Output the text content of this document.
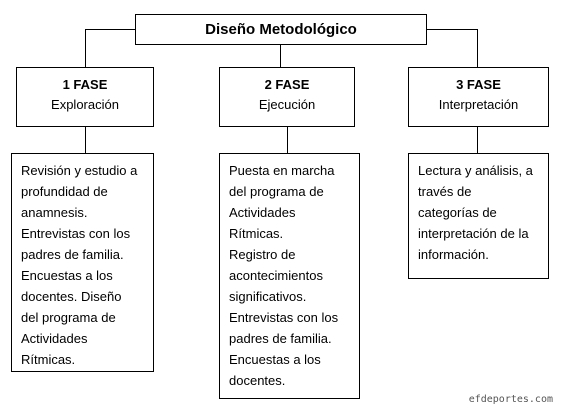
Diseño Metodológico
1 FASE
Exploración
2 FASE
Ejecución
3 FASE
Interpretación

Revisión y estudio a

profundidad de

anamnesis.

Entrevistas con los

padres de familia.

Encuestas a los

docentes. Diseño

del programa de

Actividades

Rítmicas.

Puesta en marcha

del programa de

Actividades

Rítmicas.

Registro de

acontecimientos

significativos.

Entrevistas con los

padres de familia.

Encuestas a los

docentes.

Lectura y análisis, a

través de

categorías de

interpretación de la

información.

efdeportes.com
